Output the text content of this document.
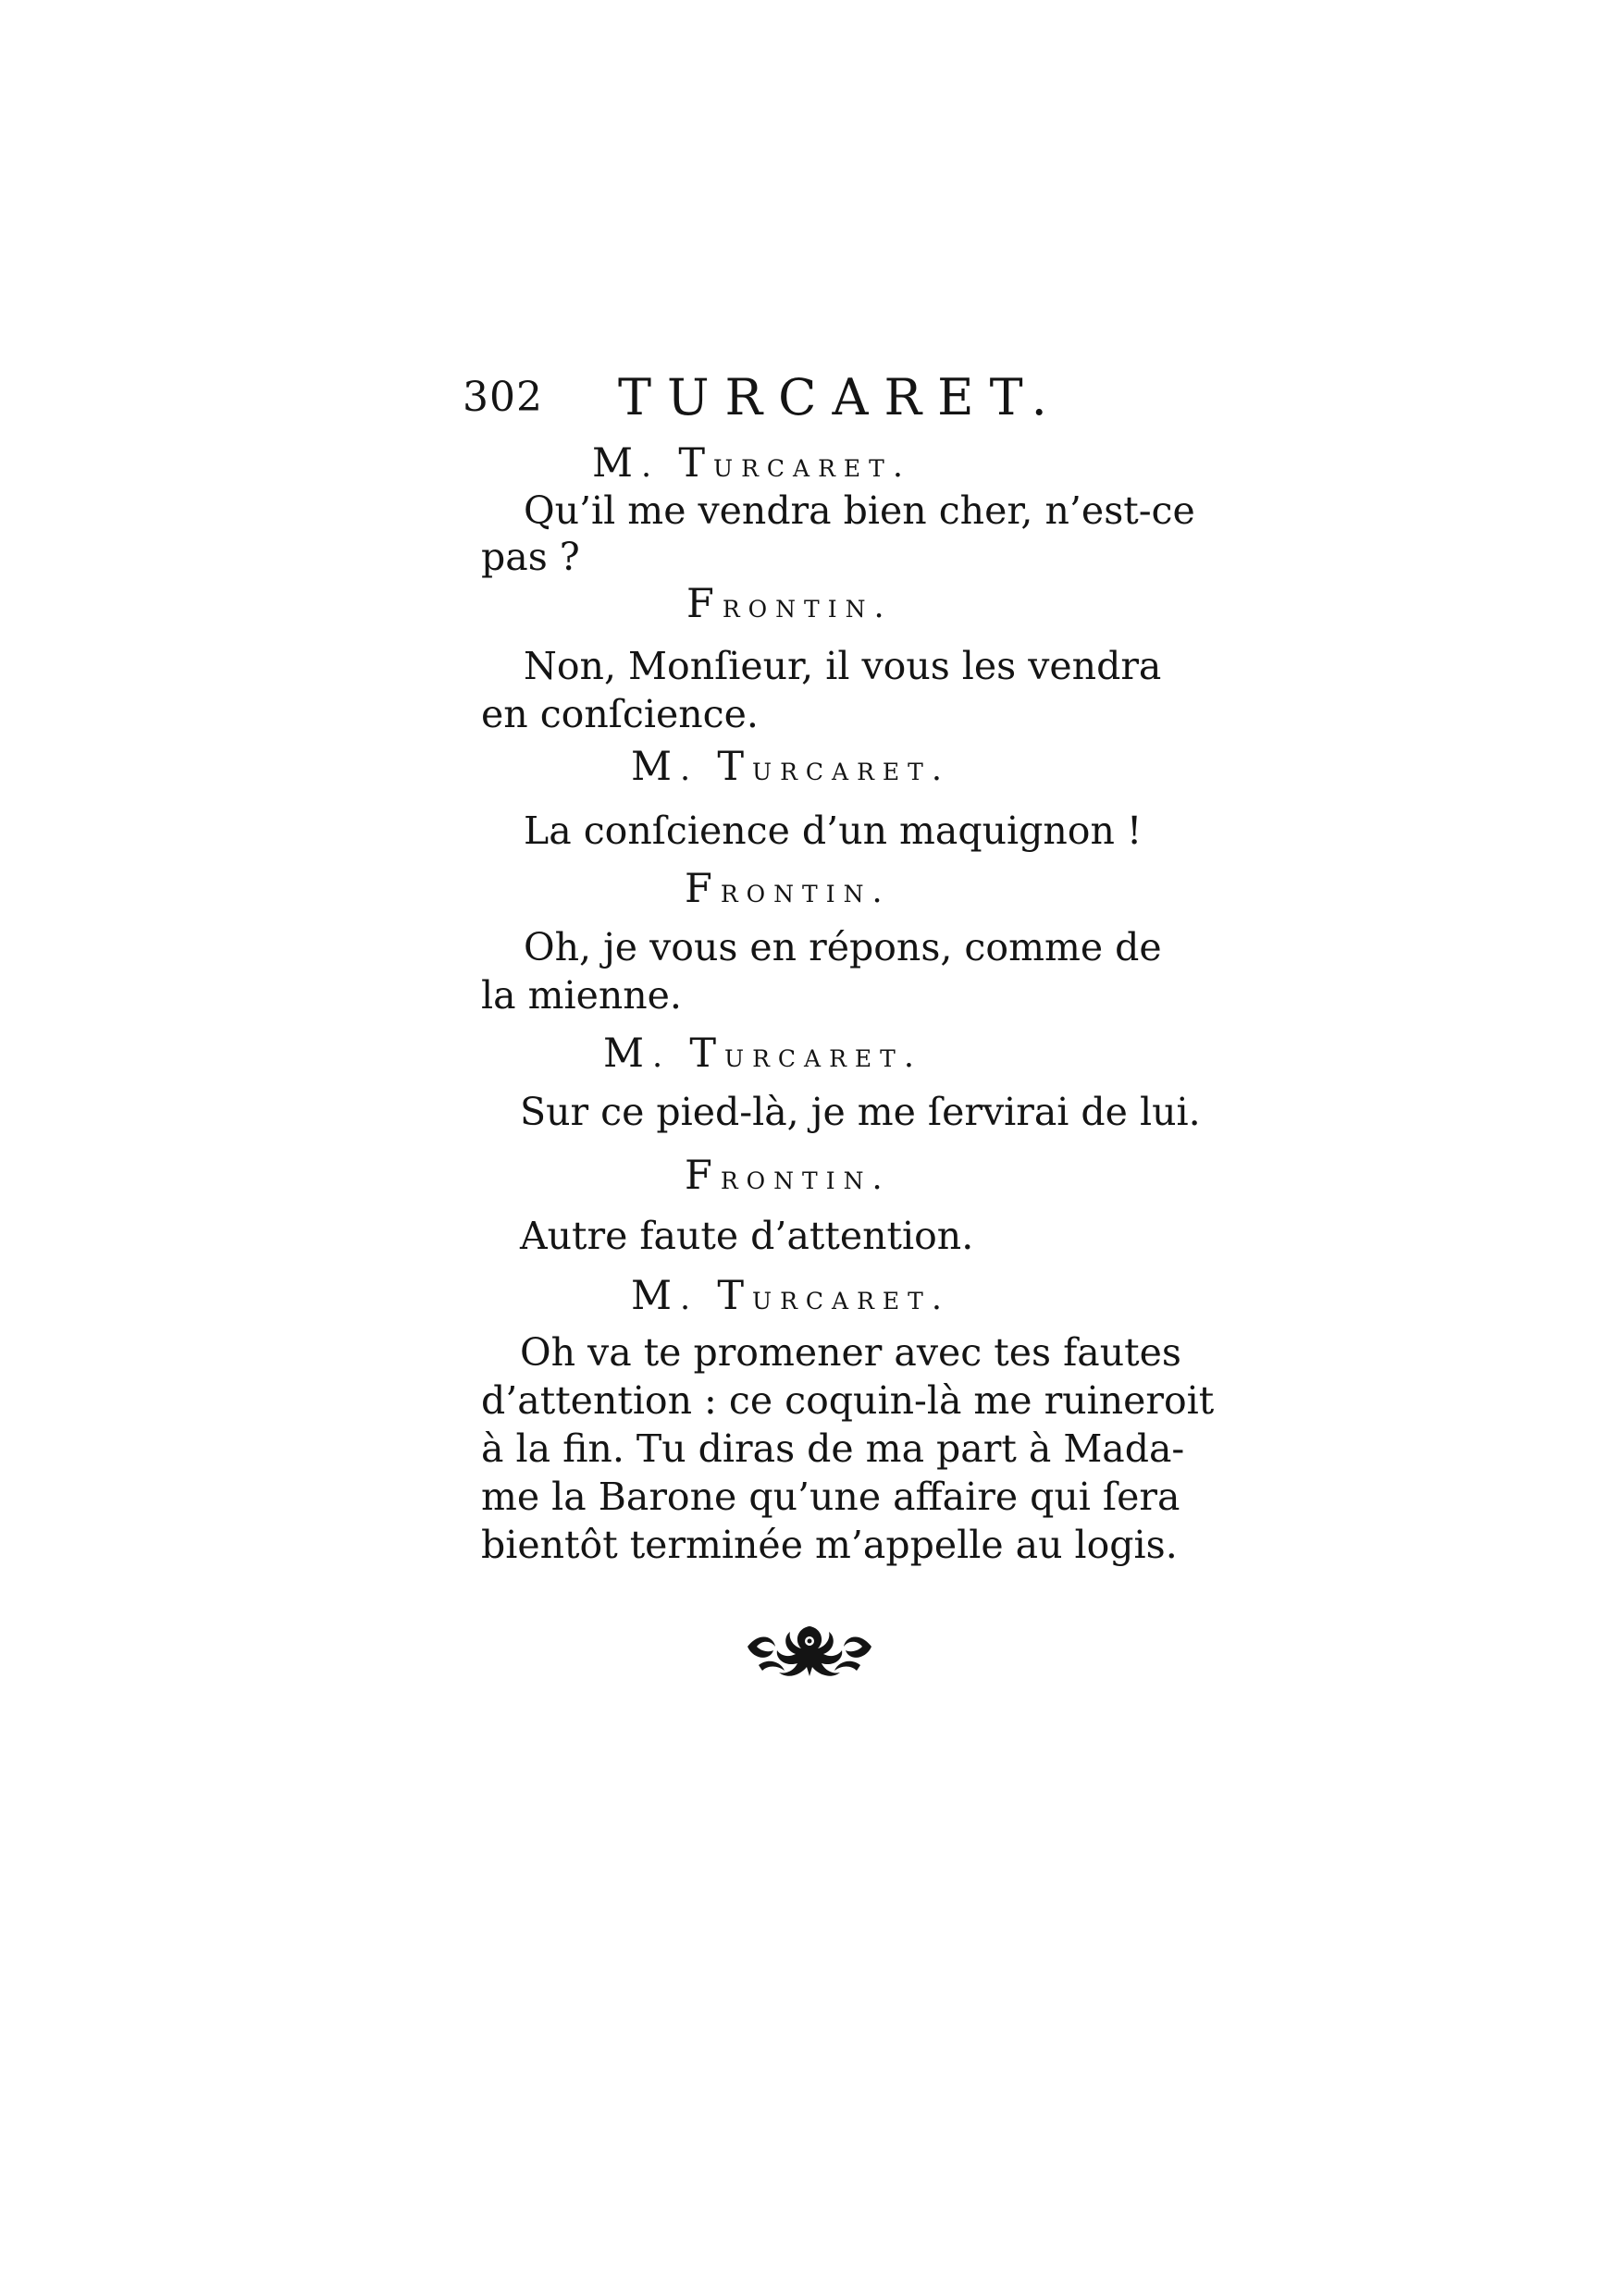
302 TURCARET.
M. Turcaret.
Qu’il me vendra bien cher, n’est-ce
pas ?
Frontin.
Non, Monſieur, il vous les vendra
en conſcience.
M. Turcaret.
La conſcience d’un maquignon !
Frontin.
Oh, je vous en répons, comme de
la mienne.
M. Turcaret.
Sur ce pied-là, je me ſervirai de lui.
Frontin.
Autre faute d’attention.
M. Turcaret.
Oh va te promener avec tes fautes
d’attention : ce coquin-là me ruineroit
à la fin. Tu diras de ma part à Mada-
me la Barone qu’une affaire qui ſera
bientôt terminée m’appelle au logis.
